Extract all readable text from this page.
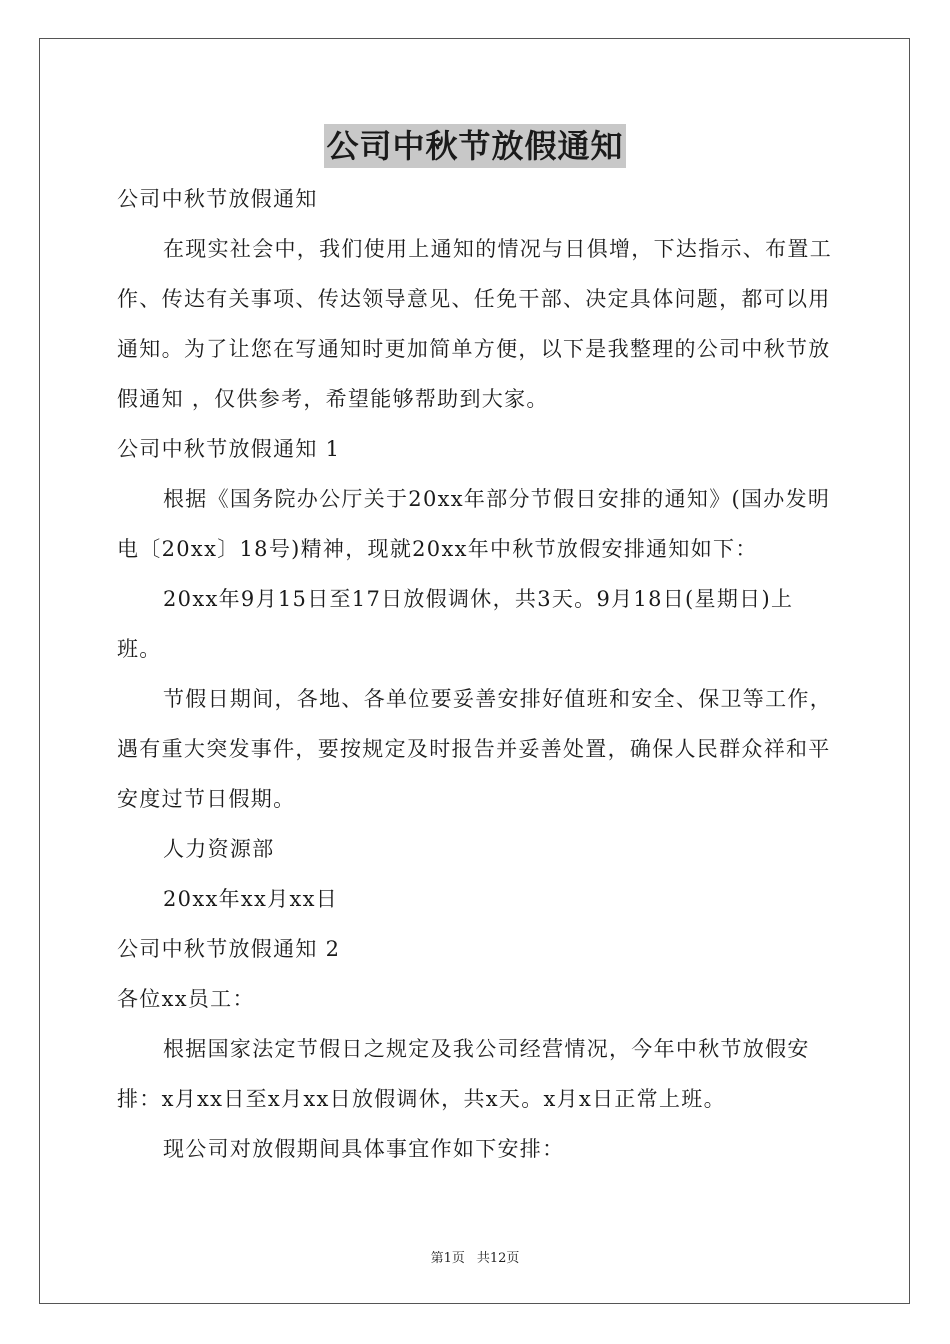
公司中秋节放假通知

公司中秋节放假通知

在现实社会中，我们使用上通知的情况与日俱增，下达指示、布置工作、传达有关事项、传达领导意见、任免干部、决定具体问题，都可以用通知。为了让您在写通知时更加简单方便，以下是我整理的公司中秋节放假通知 ，仅供参考，希望能够帮助到大家。

公司中秋节放假通知 1

根据《国务院办公厅关于20xx年部分节假日安排的通知》(国办发明电〔20xx〕18号)精神，现就20xx年中秋节放假安排通知如下：

20xx年9月15日至17日放假调休，共3天。9月18日(星期日)上班。

节假日期间，各地、各单位要妥善安排好值班和安全、保卫等工作，遇有重大突发事件，要按规定及时报告并妥善处置，确保人民群众祥和平安度过节日假期。

人力资源部

20xx年xx月xx日

公司中秋节放假通知 2

各位xx员工：

根据国家法定节假日之规定及我公司经营情况，今年中秋节放假安排：x月xx日至x月xx日放假调休，共x天。x月x日正常上班。

现公司对放假期间具体事宜作如下安排：

第1页 共12页
